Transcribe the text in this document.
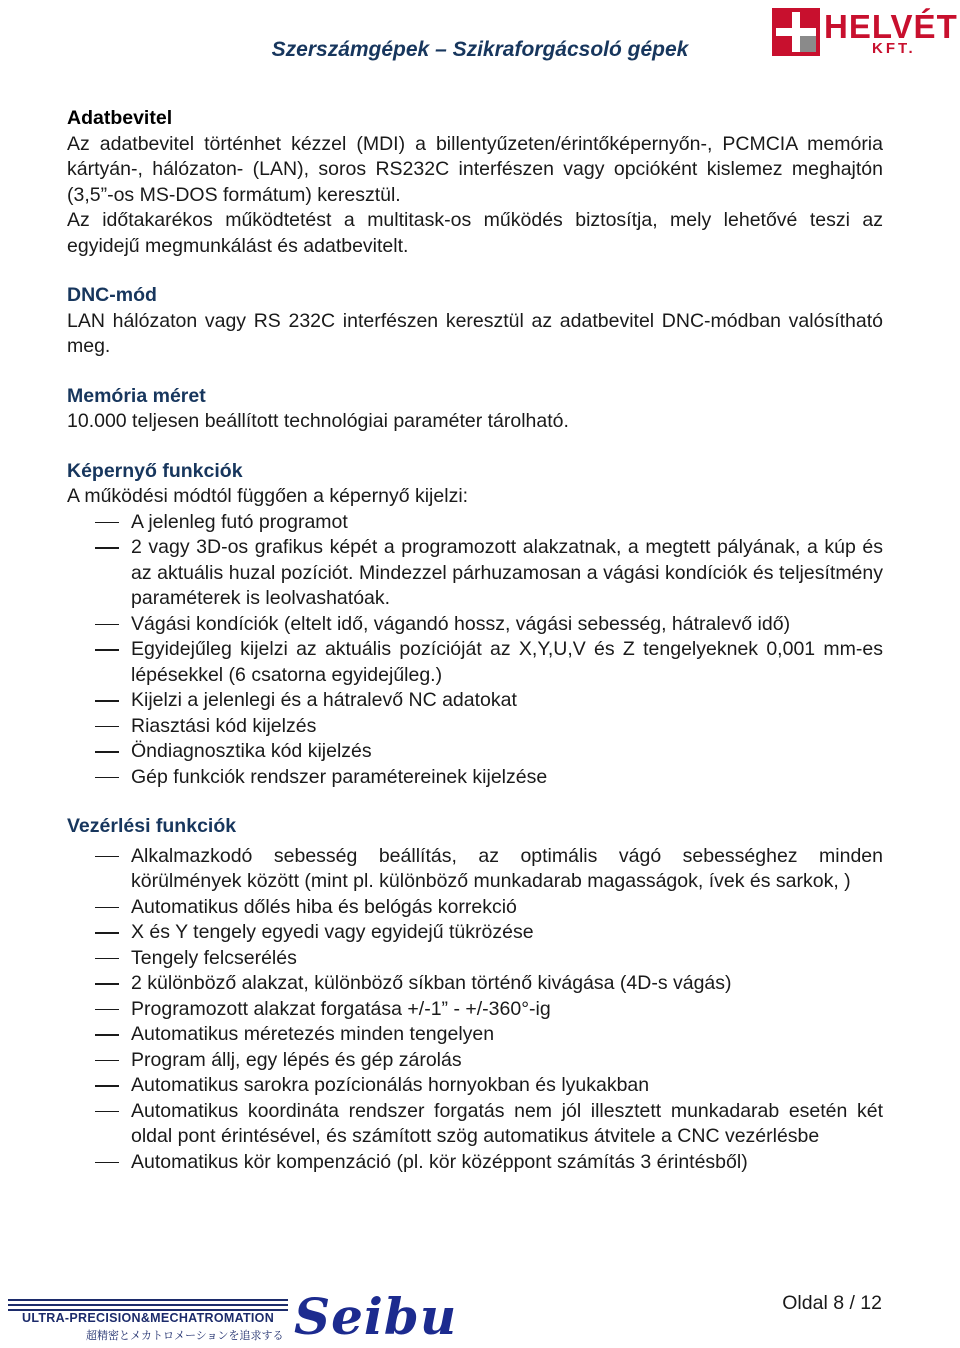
Szerszámgépek – Szikraforgácsoló gépek
HELVÉT
KFT.
Adatbevitel
Az adatbevitel történhet kézzel (MDI) a billentyűzeten/érintőképernyőn-, PCMCIA memória kártyán-, hálózaton- (LAN), soros RS232C interfészen vagy opcióként kislemez meghajtón (3,5”-os MS-DOS formátum) keresztül.
Az időtakarékos működtetést a multitask-os működés biztosítja, mely lehetővé teszi az egyidejű megmunkálást és adatbevitelt.
DNC-mód
LAN hálózaton vagy RS 232C interfészen keresztül az adatbevitel DNC-módban valósítható meg.
Memória méret
10.000 teljesen beállított technológiai paraméter tárolható.
Képernyő funkciók
A működési módtól függően a képernyő kijelzi:
A jelenleg futó programot
2 vagy 3D-os grafikus képét a programozott alakzatnak, a megtett pályának, a kúp és az aktuális huzal pozíciót. Mindezzel párhuzamosan a vágási kondíciók és teljesítmény paraméterek is leolvashatóak.
Vágási kondíciók (eltelt idő, vágandó hossz, vágási sebesség, hátralevő idő)
Egyidejűleg kijelzi az aktuális pozícióját az X,Y,U,V és Z tengelyeknek 0,001 mm-es lépésekkel (6 csatorna egyidejűleg.)
Kijelzi a jelenlegi és a hátralevő NC adatokat
Riasztási kód kijelzés
Öndiagnosztika kód kijelzés
Gép funkciók rendszer paramétereinek kijelzése
Vezérlési funkciók
Alkalmazkodó sebesség beállítás, az optimális vágó sebességhez minden körülmények között (mint pl. különböző munkadarab magasságok, ívek és sarkok, )
Automatikus dőlés hiba és belógás korrekció
X és Y tengely egyedi vagy egyidejű tükrözése
Tengely felcserélés
2 különböző alakzat, különböző síkban történő kivágása (4D-s vágás)
Programozott alakzat forgatása +/-1” - +/-360°-ig
Automatikus méretezés minden tengelyen
Program állj, egy lépés és gép zárolás
Automatikus sarokra pozícionálás hornyokban és lyukakban
Automatikus koordináta rendszer forgatás nem jól illesztett munkadarab esetén két oldal pont érintésével, és számított szög automatikus átvitele a CNC vezérlésbe
Automatikus kör kompenzáció (pl. kör középpont számítás 3 érintésből)
ULTRA-PRECISION&MECHATROMATION
超精密とメカトロメーションを追求する Seibu	Oldal 8 / 12
